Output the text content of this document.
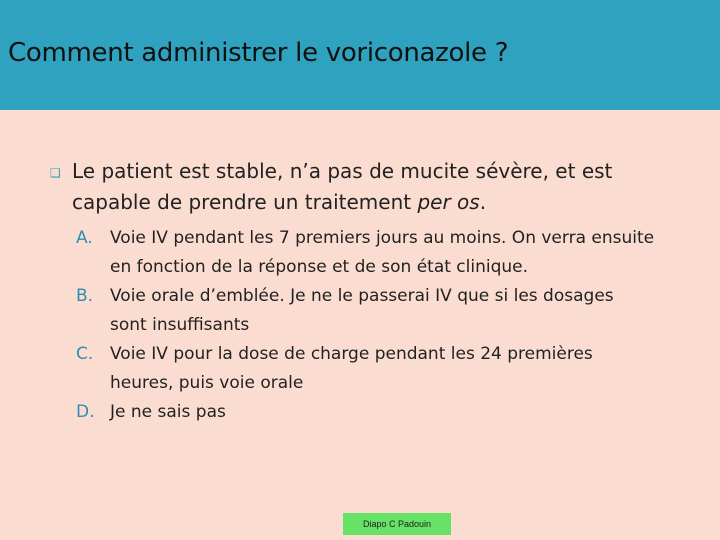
Comment administrer le voriconazole ?
❑ Le patient est stable, n’a pas de mucite sévère, et est capable de prendre un traitement per os.
A. Voie IV pendant les 7 premiers jours au moins. On verra ensuite en fonction de la réponse et de son état clinique.
B. Voie orale d’emblée. Je ne le passerai IV que si les dosages sont insuffisants
C. Voie IV pour la dose de charge pendant les 24 premières heures, puis voie orale
D. Je ne sais pas
Diapo C Padouin
